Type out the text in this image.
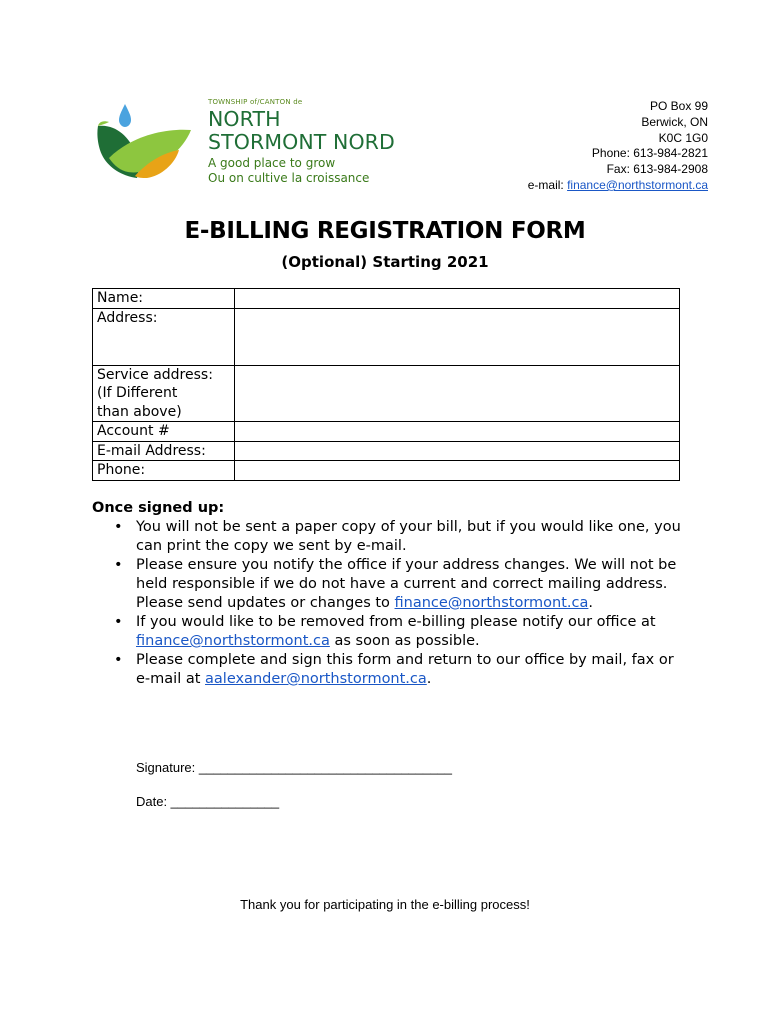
TOWNSHIP of/CANTON de
NORTH
STORMONT NORD
A good place to grow
Ou on cultive la croissance
PO Box 99
Berwick, ON
K0C 1G0
Phone: 613-984-2821
Fax: 613-984-2908
e-mail: finance@northstormont.ca
E-BILLING REGISTRATION FORM
(Optional) Starting 2021
Name:	
Address:	

Service address:
(If Different
than above)	

Account #	
E-mail Address:	
Phone:	
Once signed up:
• You will not be sent a paper copy of your bill, but if you would like one, you can print the copy we sent by e-mail.
• Please ensure you notify the office if your address changes. We will not be held responsible if we do not have a current and correct mailing address. Please send updates or changes to finance@northstormont.ca.
• If you would like to be removed from e-billing please notify our office at finance@northstormont.ca as soon as possible.
• Please complete and sign this form and return to our office by mail, fax or e-mail at aalexander@northstormont.ca.
Signature: ___________________________________
Date: _______________
Thank you for participating in the e-billing process!
